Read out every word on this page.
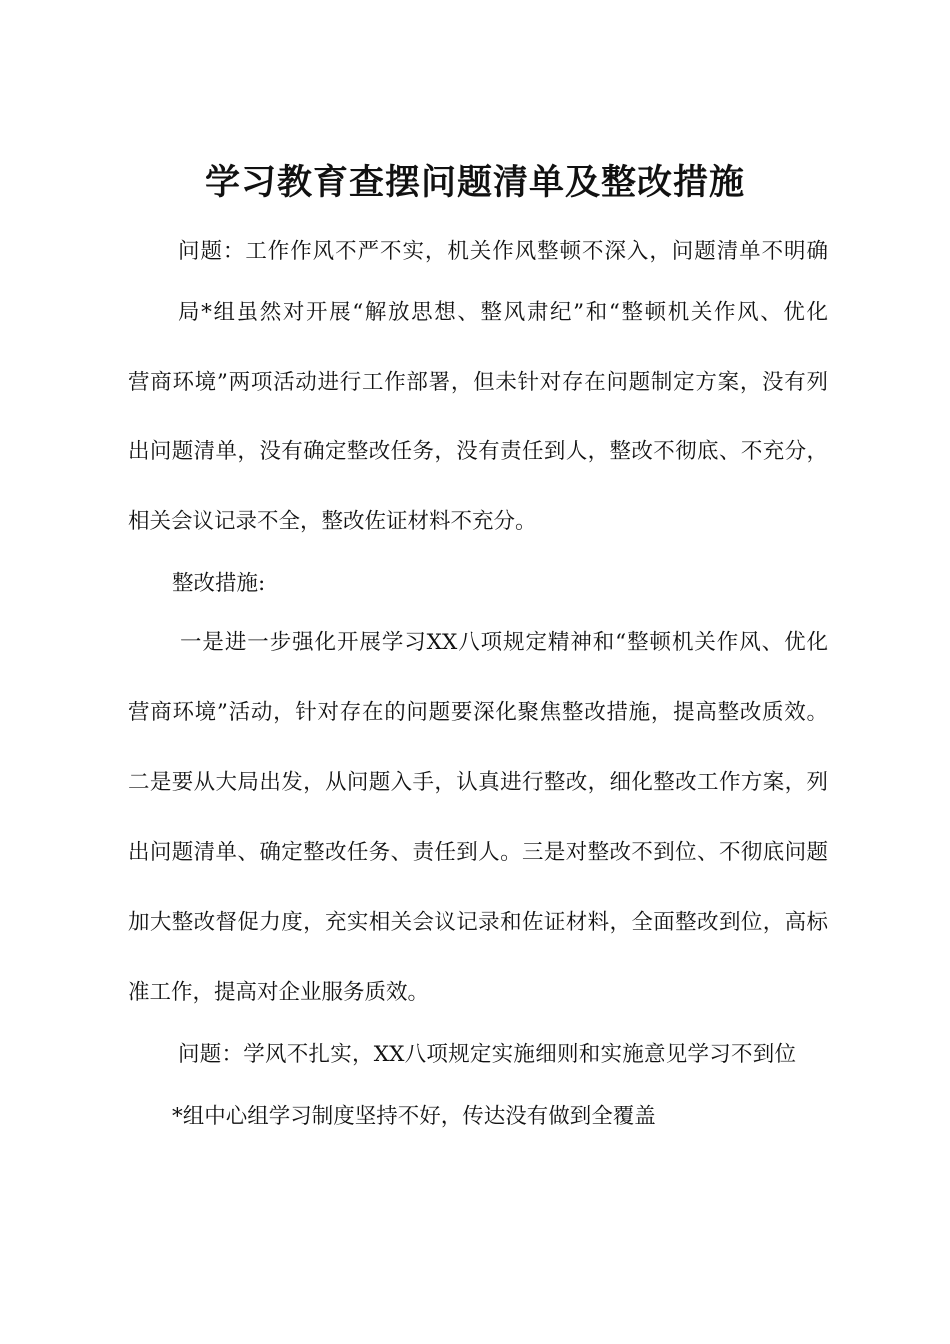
学习教育查摆问题清单及整改措施
问题：工作作风不严不实，机关作风整顿不深入，问题清单不明确
局*组虽然对开展“解放思想、整风肃纪”和“整顿机关作风、优化
营商环境”两项活动进行工作部署，但未针对存在问题制定方案，没有列
出问题清单，没有确定整改任务，没有责任到人，整改不彻底、不充分，
相关会议记录不全，整改佐证材料不充分。
整改措施:
一是进一步强化开展学习XX八项规定精神和“整顿机关作风、优化
营商环境”活动，针对存在的问题要深化聚焦整改措施，提高整改质效。
二是要从大局出发，从问题入手，认真进行整改，细化整改工作方案，列
出问题清单、确定整改任务、责任到人。三是对整改不到位、不彻底问题
加大整改督促力度，充实相关会议记录和佐证材料，全面整改到位，高标
准工作，提高对企业服务质效。
问题：学风不扎实，XX八项规定实施细则和实施意见学习不到位
*组中心组学习制度坚持不好，传达没有做到全覆盖
